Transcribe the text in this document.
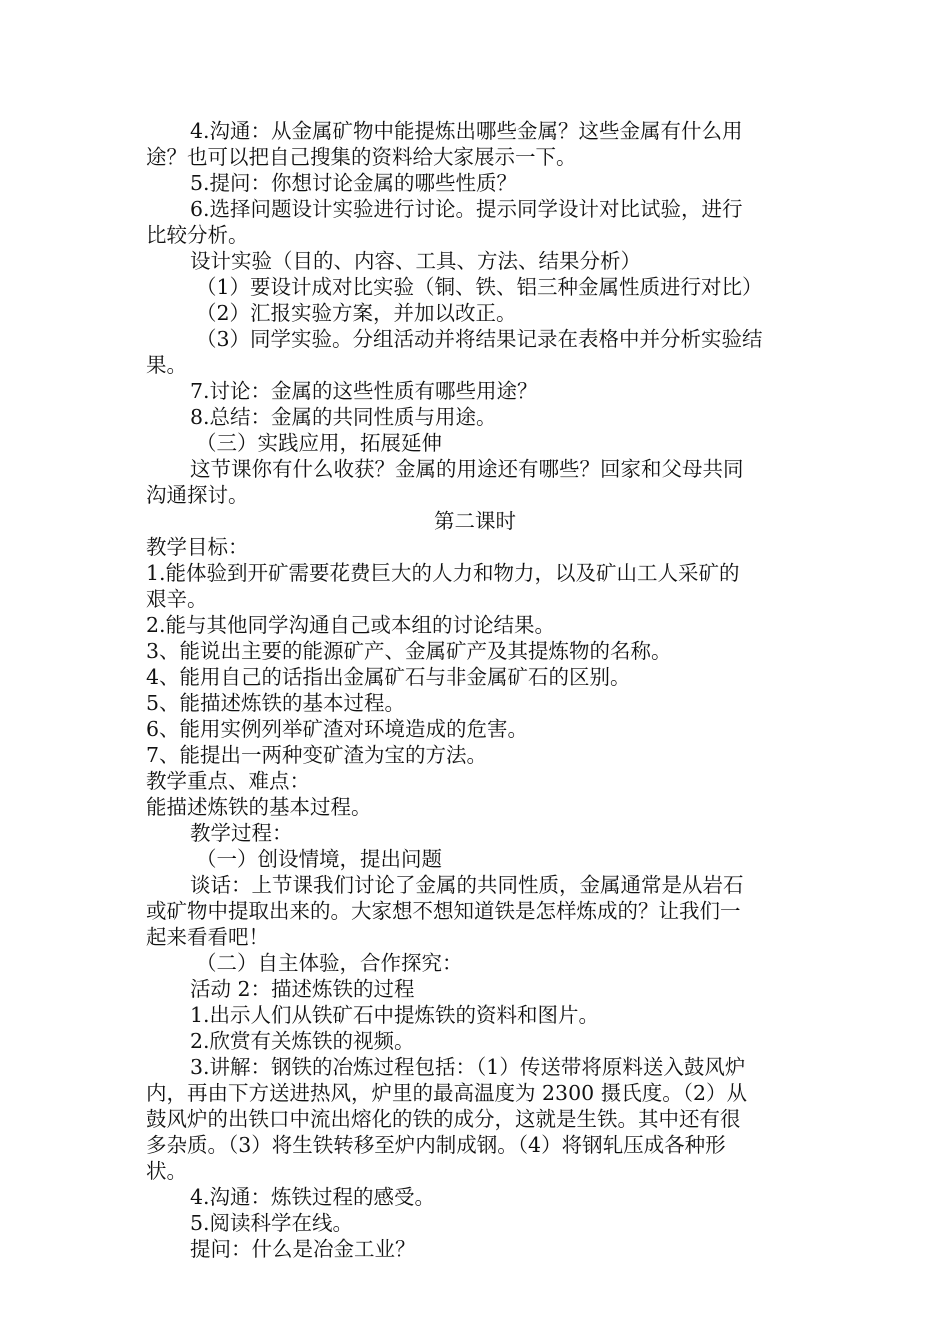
4.沟通：从金属矿物中能提炼出哪些金属？这些金属有什么用
途？也可以把自己搜集的资料给大家展示一下。
5.提问：你想讨论金属的哪些性质？
6.选择问题设计实验进行讨论。提示同学设计对比试验，进行
比较分析。
设计实验（目的、内容、工具、方法、结果分析）
（1）要设计成对比实验（铜、铁、铝三种金属性质进行对比）
（2）汇报实验方案，并加以改正。
（3）同学实验。分组活动并将结果记录在表格中并分析实验结
果。
7.讨论：金属的这些性质有哪些用途？
8.总结：金属的共同性质与用途。
（三）实践应用，拓展延伸
这节课你有什么收获？金属的用途还有哪些？回家和父母共同
沟通探讨。
第二课时
教学目标：
1.能体验到开矿需要花费巨大的人力和物力，以及矿山工人采矿的
艰辛。
2.能与其他同学沟通自己或本组的讨论结果。
3、能说出主要的能源矿产、金属矿产及其提炼物的名称。
4、能用自己的话指出金属矿石与非金属矿石的区别。
5、能描述炼铁的基本过程。
6、能用实例列举矿渣对环境造成的危害。
7、能提出一两种变矿渣为宝的方法。
教学重点、难点：
能描述炼铁的基本过程。
教学过程：
（一）创设情境，提出问题
谈话：上节课我们讨论了金属的共同性质，金属通常是从岩石
或矿物中提取出来的。大家想不想知道铁是怎样炼成的？让我们一
起来看看吧！
（二）自主体验，合作探究：
活动 2：描述炼铁的过程
1.出示人们从铁矿石中提炼铁的资料和图片。
2.欣赏有关炼铁的视频。
3.讲解：钢铁的冶炼过程包括：（1）传送带将原料送入鼓风炉
内，再由下方送进热风，炉里的最高温度为 2300 摄氏度。（2）从
鼓风炉的出铁口中流出熔化的铁的成分，这就是生铁。其中还有很
多杂质。（3）将生铁转移至炉内制成钢。（4）将钢轧压成各种形
状。
4.沟通：炼铁过程的感受。
5.阅读科学在线。
提问：什么是冶金工业？
